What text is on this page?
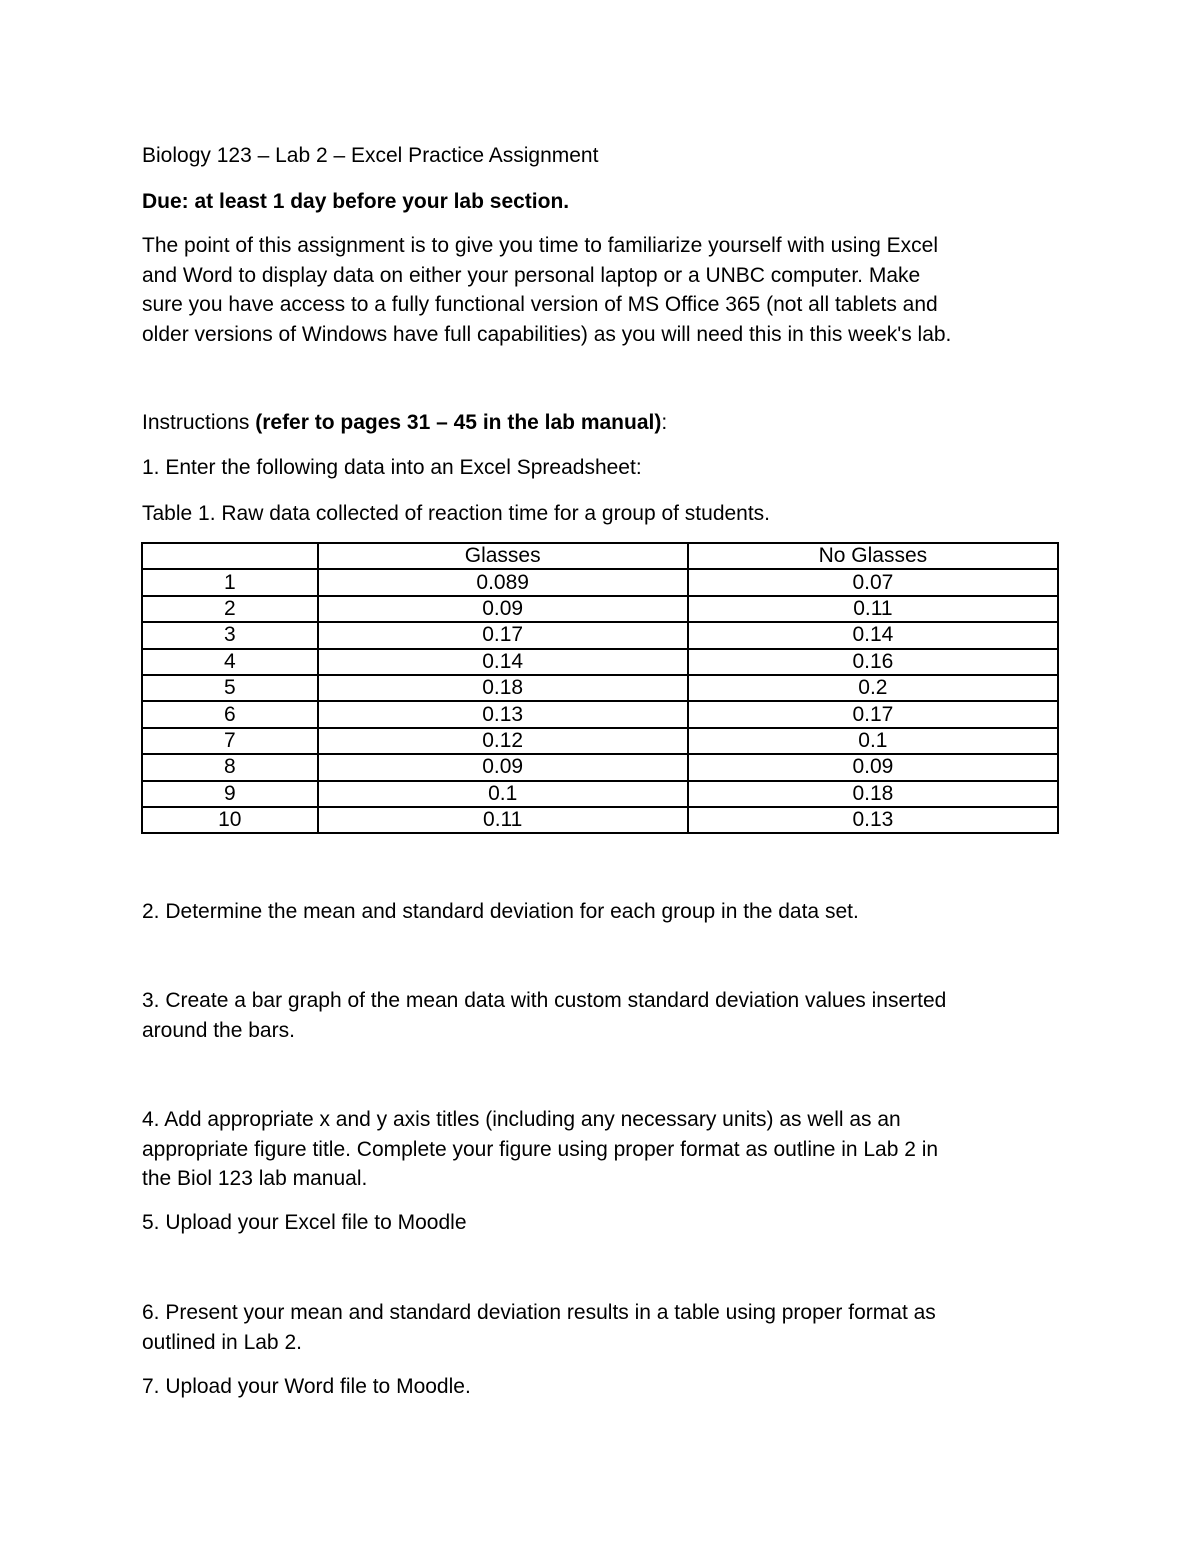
Biology 123 – Lab 2 – Excel Practice Assignment
Due: at least 1 day before your lab section.
The point of this assignment is to give you time to familiarize yourself with using Excel
and Word to display data on either your personal laptop or a UNBC computer. Make
sure you have access to a fully functional version of MS Office 365 (not all tablets and
older versions of Windows have full capabilities) as you will need this in this week's lab.
Instructions (refer to pages 31 – 45 in the lab manual):
1. Enter the following data into an Excel Spreadsheet:
Table 1. Raw data collected of reaction time for a group of students.
	Glasses	No Glasses
1	0.089	0.07
2	0.09	0.11
3	0.17	0.14
4	0.14	0.16
5	0.18	0.2
6	0.13	0.17
7	0.12	0.1
8	0.09	0.09
9	0.1	0.18
10	0.11	0.13
2. Determine the mean and standard deviation for each group in the data set.
3. Create a bar graph of the mean data with custom standard deviation values inserted
around the bars.
4. Add appropriate x and y axis titles (including any necessary units) as well as an
appropriate figure title. Complete your figure using proper format as outline in Lab 2 in
the Biol 123 lab manual.
5. Upload your Excel file to Moodle
6. Present your mean and standard deviation results in a table using proper format as
outlined in Lab 2.
7. Upload your Word file to Moodle.
